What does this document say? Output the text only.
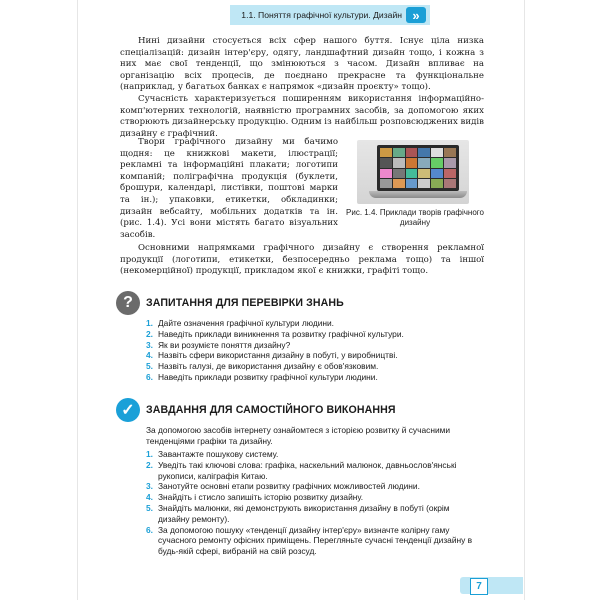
1.1. Поняття графічної культури. Дизайн »

Нині дизайни стосується всіх сфер нашого буття. Існує ціла низка спеціалізацій: дизайн інтер'єру, одягу, ландшафтний дизайн тощо, і кожна з них має свої тенденції, що змінюються з часом. Дизайн впливає на організацію всіх процесів, де поєднано прекрасне та функціональне (наприклад, у багатьох банках є напрямок «дизайн проєкту» тощо).

Сучасність характеризується поширенням використання інформаційно-комп'ютерних технологій, наявністю програмних засобів, за допомогою яких створюють дизайнерську продукцію. Одним із найбільш розповсюджених видів дизайну є графічний.

Твори графічного дизайну ми бачимо щодня: це книжкові макети, ілюстрації; рекламні та інформаційні плакати; логотипи компаній; поліграфічна продукція (буклети, брошури, календарі, листівки, поштові марки та ін.); упаковки, етикетки, обкладинки; дизайн вебсайту, мобільних додатків та ін. (рис. 1.4). Усі вони містять багато візуальних засобів.

Рис. 1.4. Приклади творів графічного дизайну

Основними напрямками графічного дизайну є створення рекламної продукції (логотипи, етикетки, безпосередньо реклама тощо) та іншої (некомерційної) продукції, прикладом якої є книжки, графіті тощо.

?	ЗАПИТАННЯ ДЛЯ ПЕРЕВІРКИ ЗНАНЬ
1. Дайте означення графічної культури людини.
2. Наведіть приклади виникнення та розвитку графічної культури.
3. Як ви розумієте поняття дизайну?
4. Назвіть сфери використання дизайну в побуті, у виробництві.
5. Назвіть галузі, де використання дизайну є обов'язковим.
6. Наведіть приклади розвитку графічної культури людини.
✓	ЗАВДАННЯ ДЛЯ САМОСТІЙНОГО ВИКОНАННЯ

За допомогою засобів інтернету ознайомтеся з історією розвитку й сучасними тенденціями графіки та дизайну.

1. Завантажте пошукову систему.
2. Уведіть такі ключові слова: графіка, наскельний малюнок, давньослов'янські рукописи, каліграфія Китаю.
3. Занотуйте основні етапи розвитку графічних можливостей людини.
4. Знайдіть і стисло запишіть історію розвитку дизайну.
5. Знайдіть малюнки, які демонструють використання дизайну в побуті (окрім дизайну ремонту).
6. За допомогою пошуку «тенденції дизайну інтер'єру» визначте колірну гаму сучасного ремонту офісних приміщень. Перегляньте сучасні тенденції дизайну в будь-якій сфері, вибраній на свій розсуд.
7
